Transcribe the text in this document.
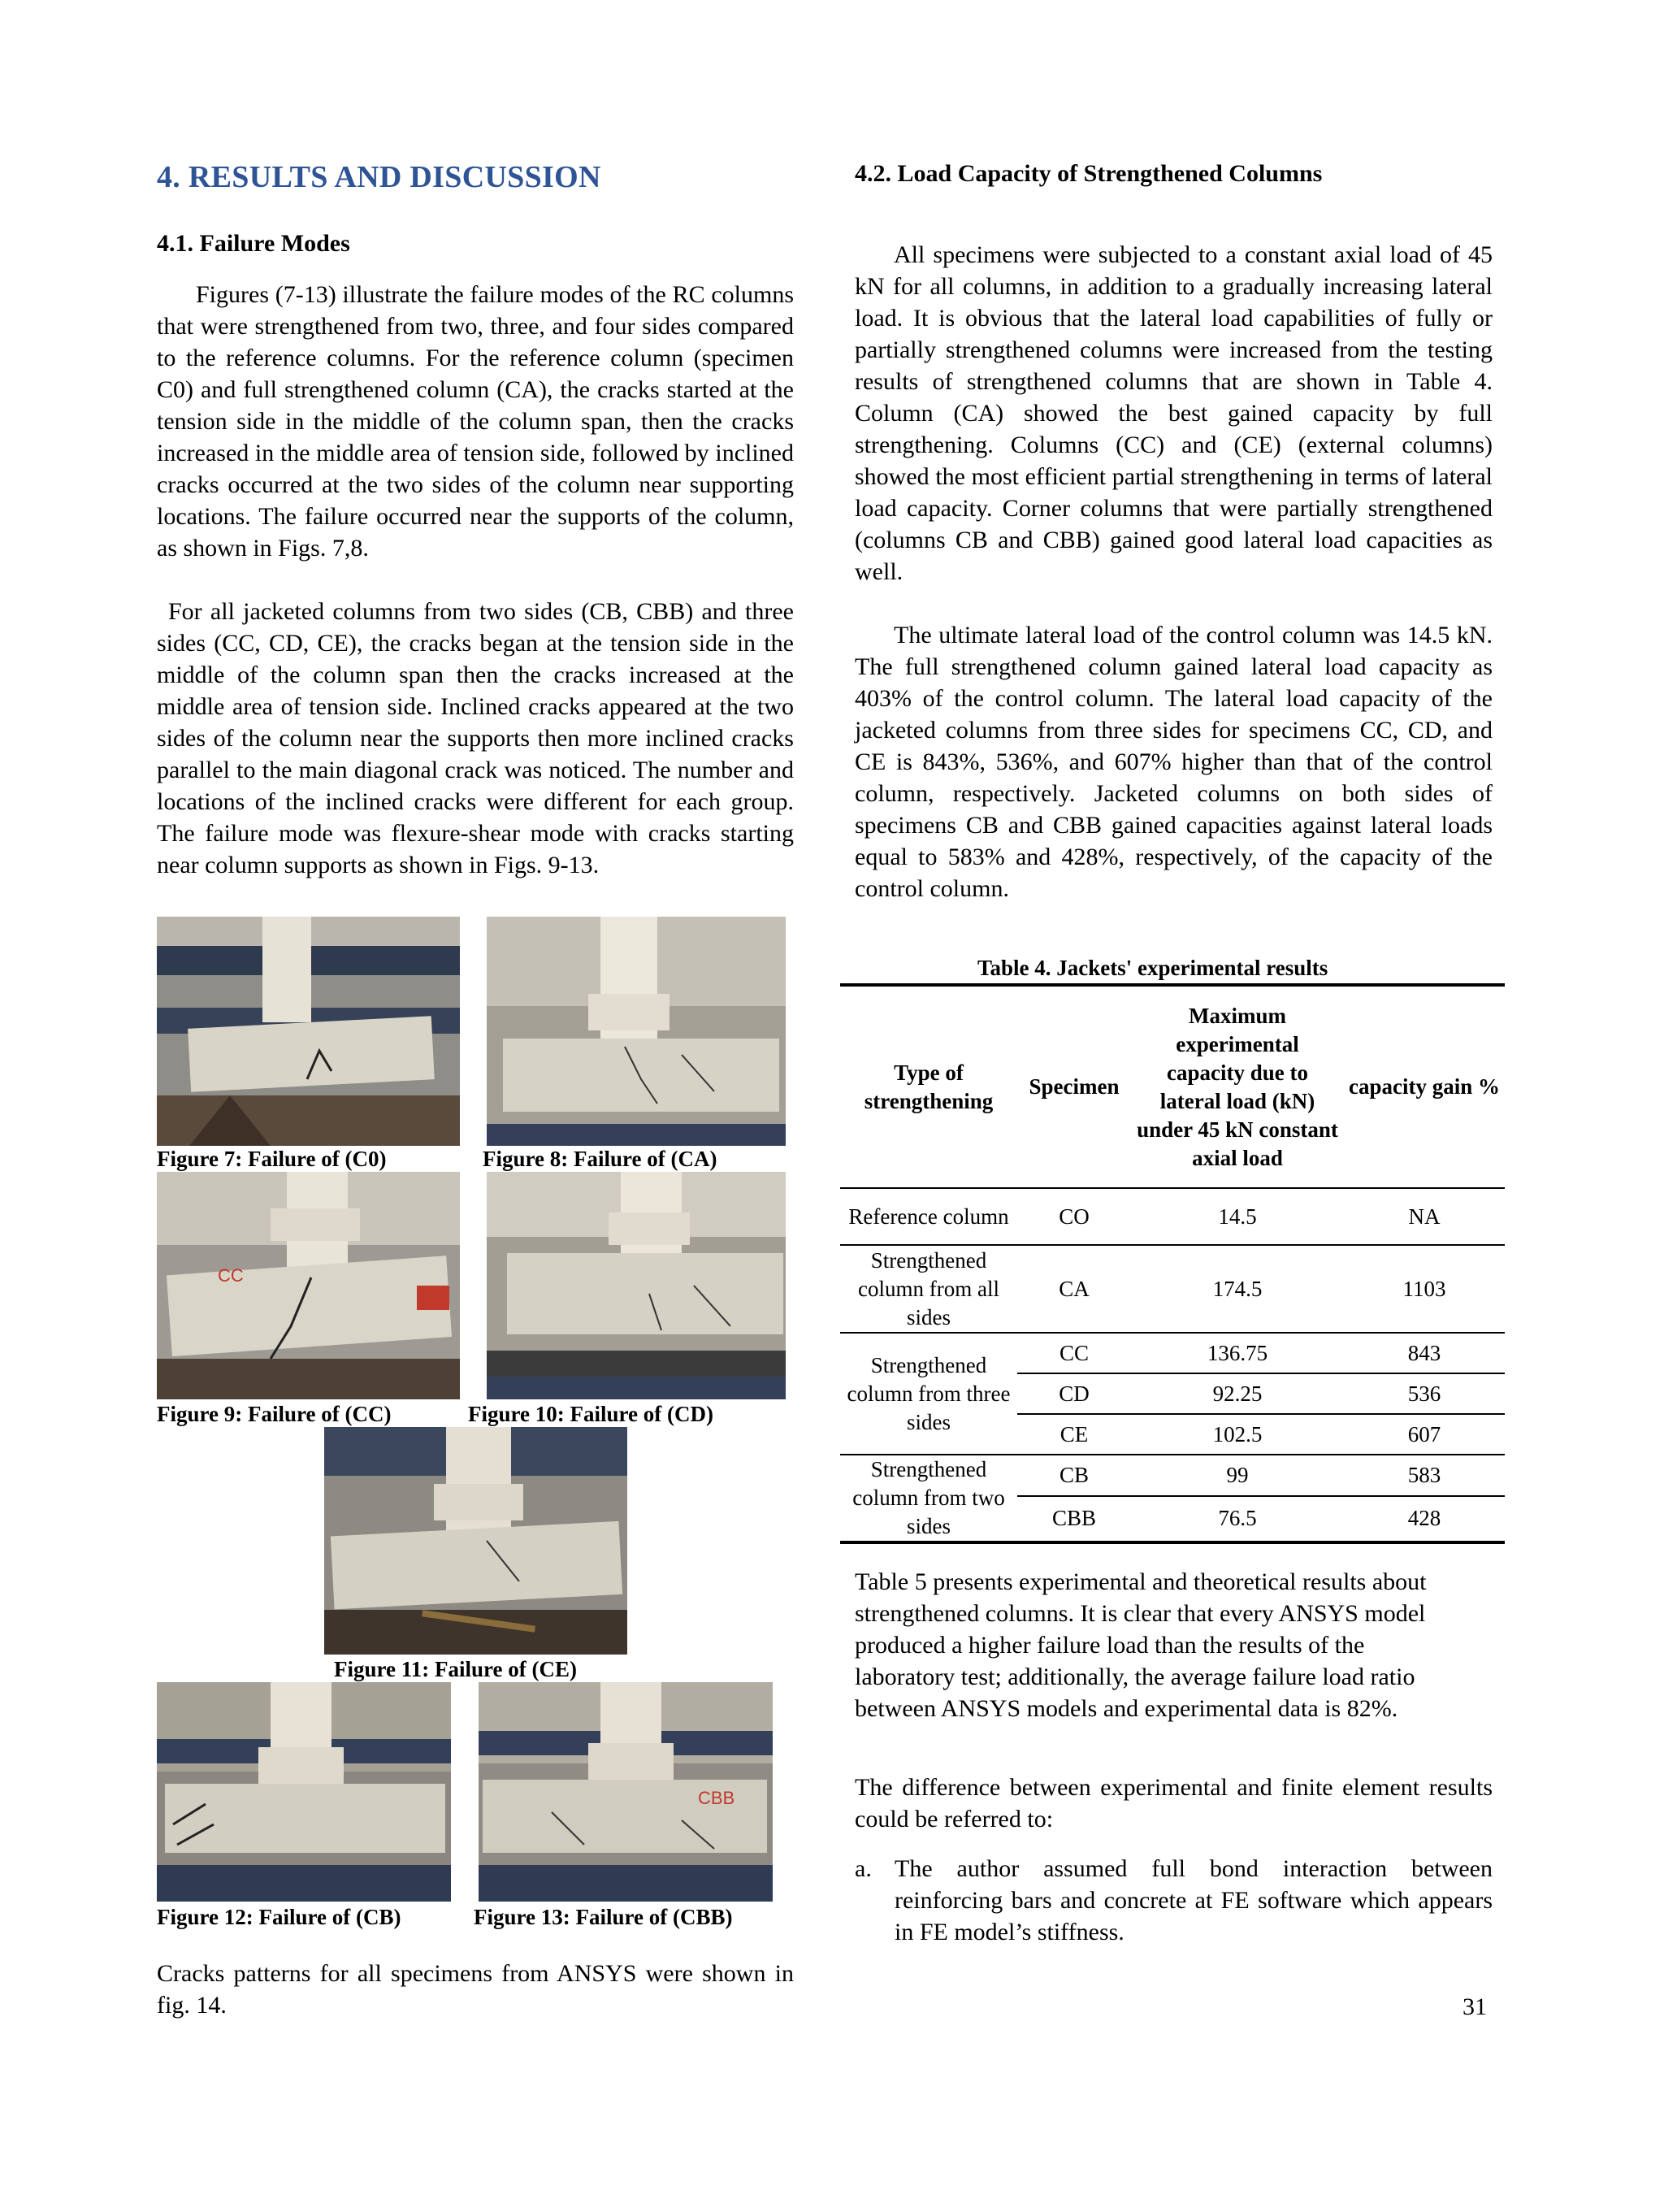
4. RESULTS AND DISCUSSION
4.1. Failure Modes

Figures (7-13) illustrate the failure modes of the RC columns that were strengthened from two, three, and four sides compared to the reference columns. For the reference column (specimen C0) and full strengthened column (CA), the cracks started at the tension side in the middle of the column span, then the cracks increased in the middle area of tension side, followed by inclined cracks occurred at the two sides of the column near supporting locations. The failure occurred near the supports of the column, as shown in Figs. 7,8.

For all jacketed columns from two sides (CB, CBB) and three sides (CC, CD, CE), the cracks began at the tension side in the middle of the column span then the cracks increased at the middle area of tension side. Inclined cracks appeared at the two sides of the column near the supports then more inclined cracks parallel to the main diagonal crack was noticed. The number and locations of the inclined cracks were different for each group. The failure mode was flexure-shear mode with cracks starting near column supports as shown in Figs. 9-13.

Figure 7: Failure of (C0)	Figure 8: Failure of (CA)
CC
Figure 9: Failure of (CC)	Figure 10: Failure of (CD)
Figure 11: Failure of (CE)
CBB
Figure 12: Failure of (CB)	Figure 13: Failure of (CBB)

Cracks patterns for all specimens from ANSYS were shown in fig. 14.

4.2. Load Capacity of Strengthened Columns

All specimens were subjected to a constant axial load of 45 kN for all columns, in addition to a gradually increasing lateral load. It is obvious that the lateral load capabilities of fully or partially strengthened columns were increased from the testing results of strengthened columns that are shown in Table 4. Column (CA) showed the best gained capacity by full strengthening. Columns (CC) and (CE) (external columns) showed the most efficient partial strengthening in terms of lateral load capacity. Corner columns that were partially strengthened (columns CB and CBB) gained good lateral load capacities as well.

The ultimate lateral load of the control column was 14.5 kN. The full strengthened column gained lateral load capacity as 403% of the control column. The lateral load capacity of the jacketed columns from three sides for specimens CC, CD, and CE is 843%, 536%, and 607% higher than that of the control column, respectively. Jacketed columns on both sides of specimens CB and CBB gained capacities against lateral loads equal to 583% and 428%, respectively, of the capacity of the control column.

Table 4. Jackets' experimental results
Type of strengthening	Specimen	Maximum experimental capacity due to lateral load (kN) under 45 kN constant axial load	capacity gain %
Reference column	CO	14.5	NA
Strengthened column from all sides	CA	174.5	1103
Strengthened column from three sides	CC	136.75	843
	CD	92.25	536
	CE	102.5	607
Strengthened column from two sides	CB	99	583
	CBB	76.5	428

Table 5 presents experimental and theoretical results about strengthened columns. It is clear that every ANSYS model produced a higher failure load than the results of the laboratory test; additionally, the average failure load ratio between ANSYS models and experimental data is 82%.

The difference between experimental and finite element results could be referred to:

a. The author assumed full bond interaction between reinforcing bars and concrete at FE software which appears in FE model’s stiffness.

31
